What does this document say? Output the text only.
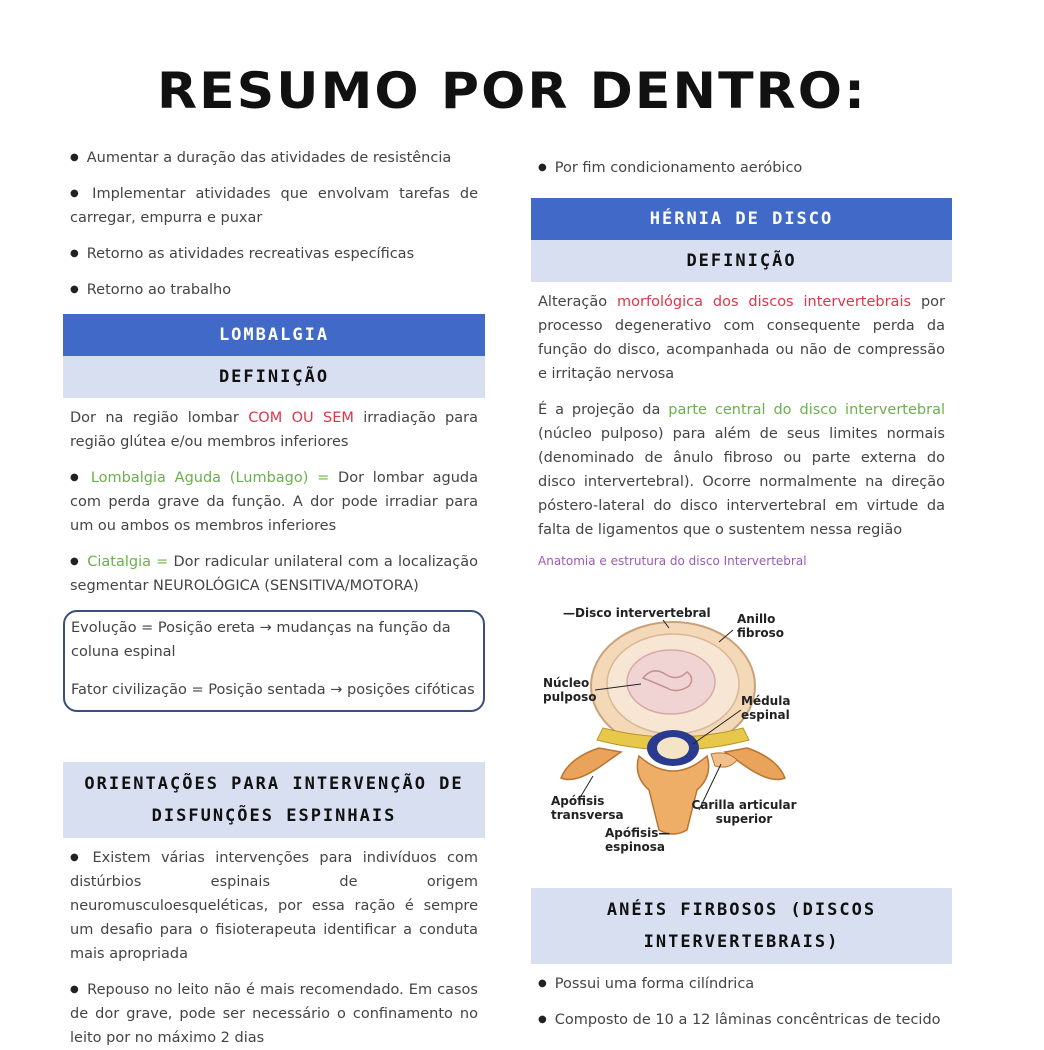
RESUMO POR DENTRO:

● Aumentar a duração das atividades de resistência

● Implementar atividades que envolvam tarefas de carregar, empurra e puxar

● Retorno as atividades recreativas específicas

● Retorno ao trabalho

LOMBALGIA
DEFINIÇÃO

Dor na região lombar COM OU SEM irradiação para região glútea e/ou membros inferiores

● Lombalgia Aguda (Lumbago) = Dor lombar aguda com perda grave da função. A dor pode irradiar para um ou ambos os membros inferiores

● Ciatalgia = Dor radicular unilateral com a localização segmentar NEUROLÓGICA (SENSITIVA/MOTORA)

Evolução = Posição ereta → mudanças na função da coluna espinal

Fator civilização = Posição sentada → posições cifóticas

ORIENTAÇÕES PARA INTERVENÇÃO DE
DISFUNÇÕES ESPINHAIS

● Existem várias intervenções para indivíduos com distúrbios espinais de origem neuromusculoesqueléticas, por essa ração é sempre um desafio para o fisioterapeuta identificar a conduta mais apropriada

● Repouso no leito não é mais recomendado. Em casos de dor grave, pode ser necessário o confinamento no leito por no máximo 2 dias

● Por fim condicionamento aeróbico

HÉRNIA DE DISCO
DEFINIÇÃO

Alteração morfológica dos discos intervertebrais por processo degenerativo com consequente perda da função do disco, acompanhada ou não de compressão e irritação nervosa

É a projeção da parte central do disco intervertebral (núcleo pulposo) para além de seus limites normais (denominado de ânulo fibroso ou parte externa do disco intervertebral). Ocorre normalmente na direção póstero-lateral do disco intervertebral em virtude da falta de ligamentos que o sustentem nessa região

Anatomia e estrutura do disco Intervertebral
—Disco intervertebral Anillo fibroso
Núcleo pulposo	Médula espinal
Apófisis transversa
Carilla articular superior
Apófisis— espinosa
ANÉIS FIRBOSOS (DISCOS
INTERVERTEBRAIS)

● Possui uma forma cilíndrica

● Composto de 10 a 12 lâminas concêntricas de tecido
